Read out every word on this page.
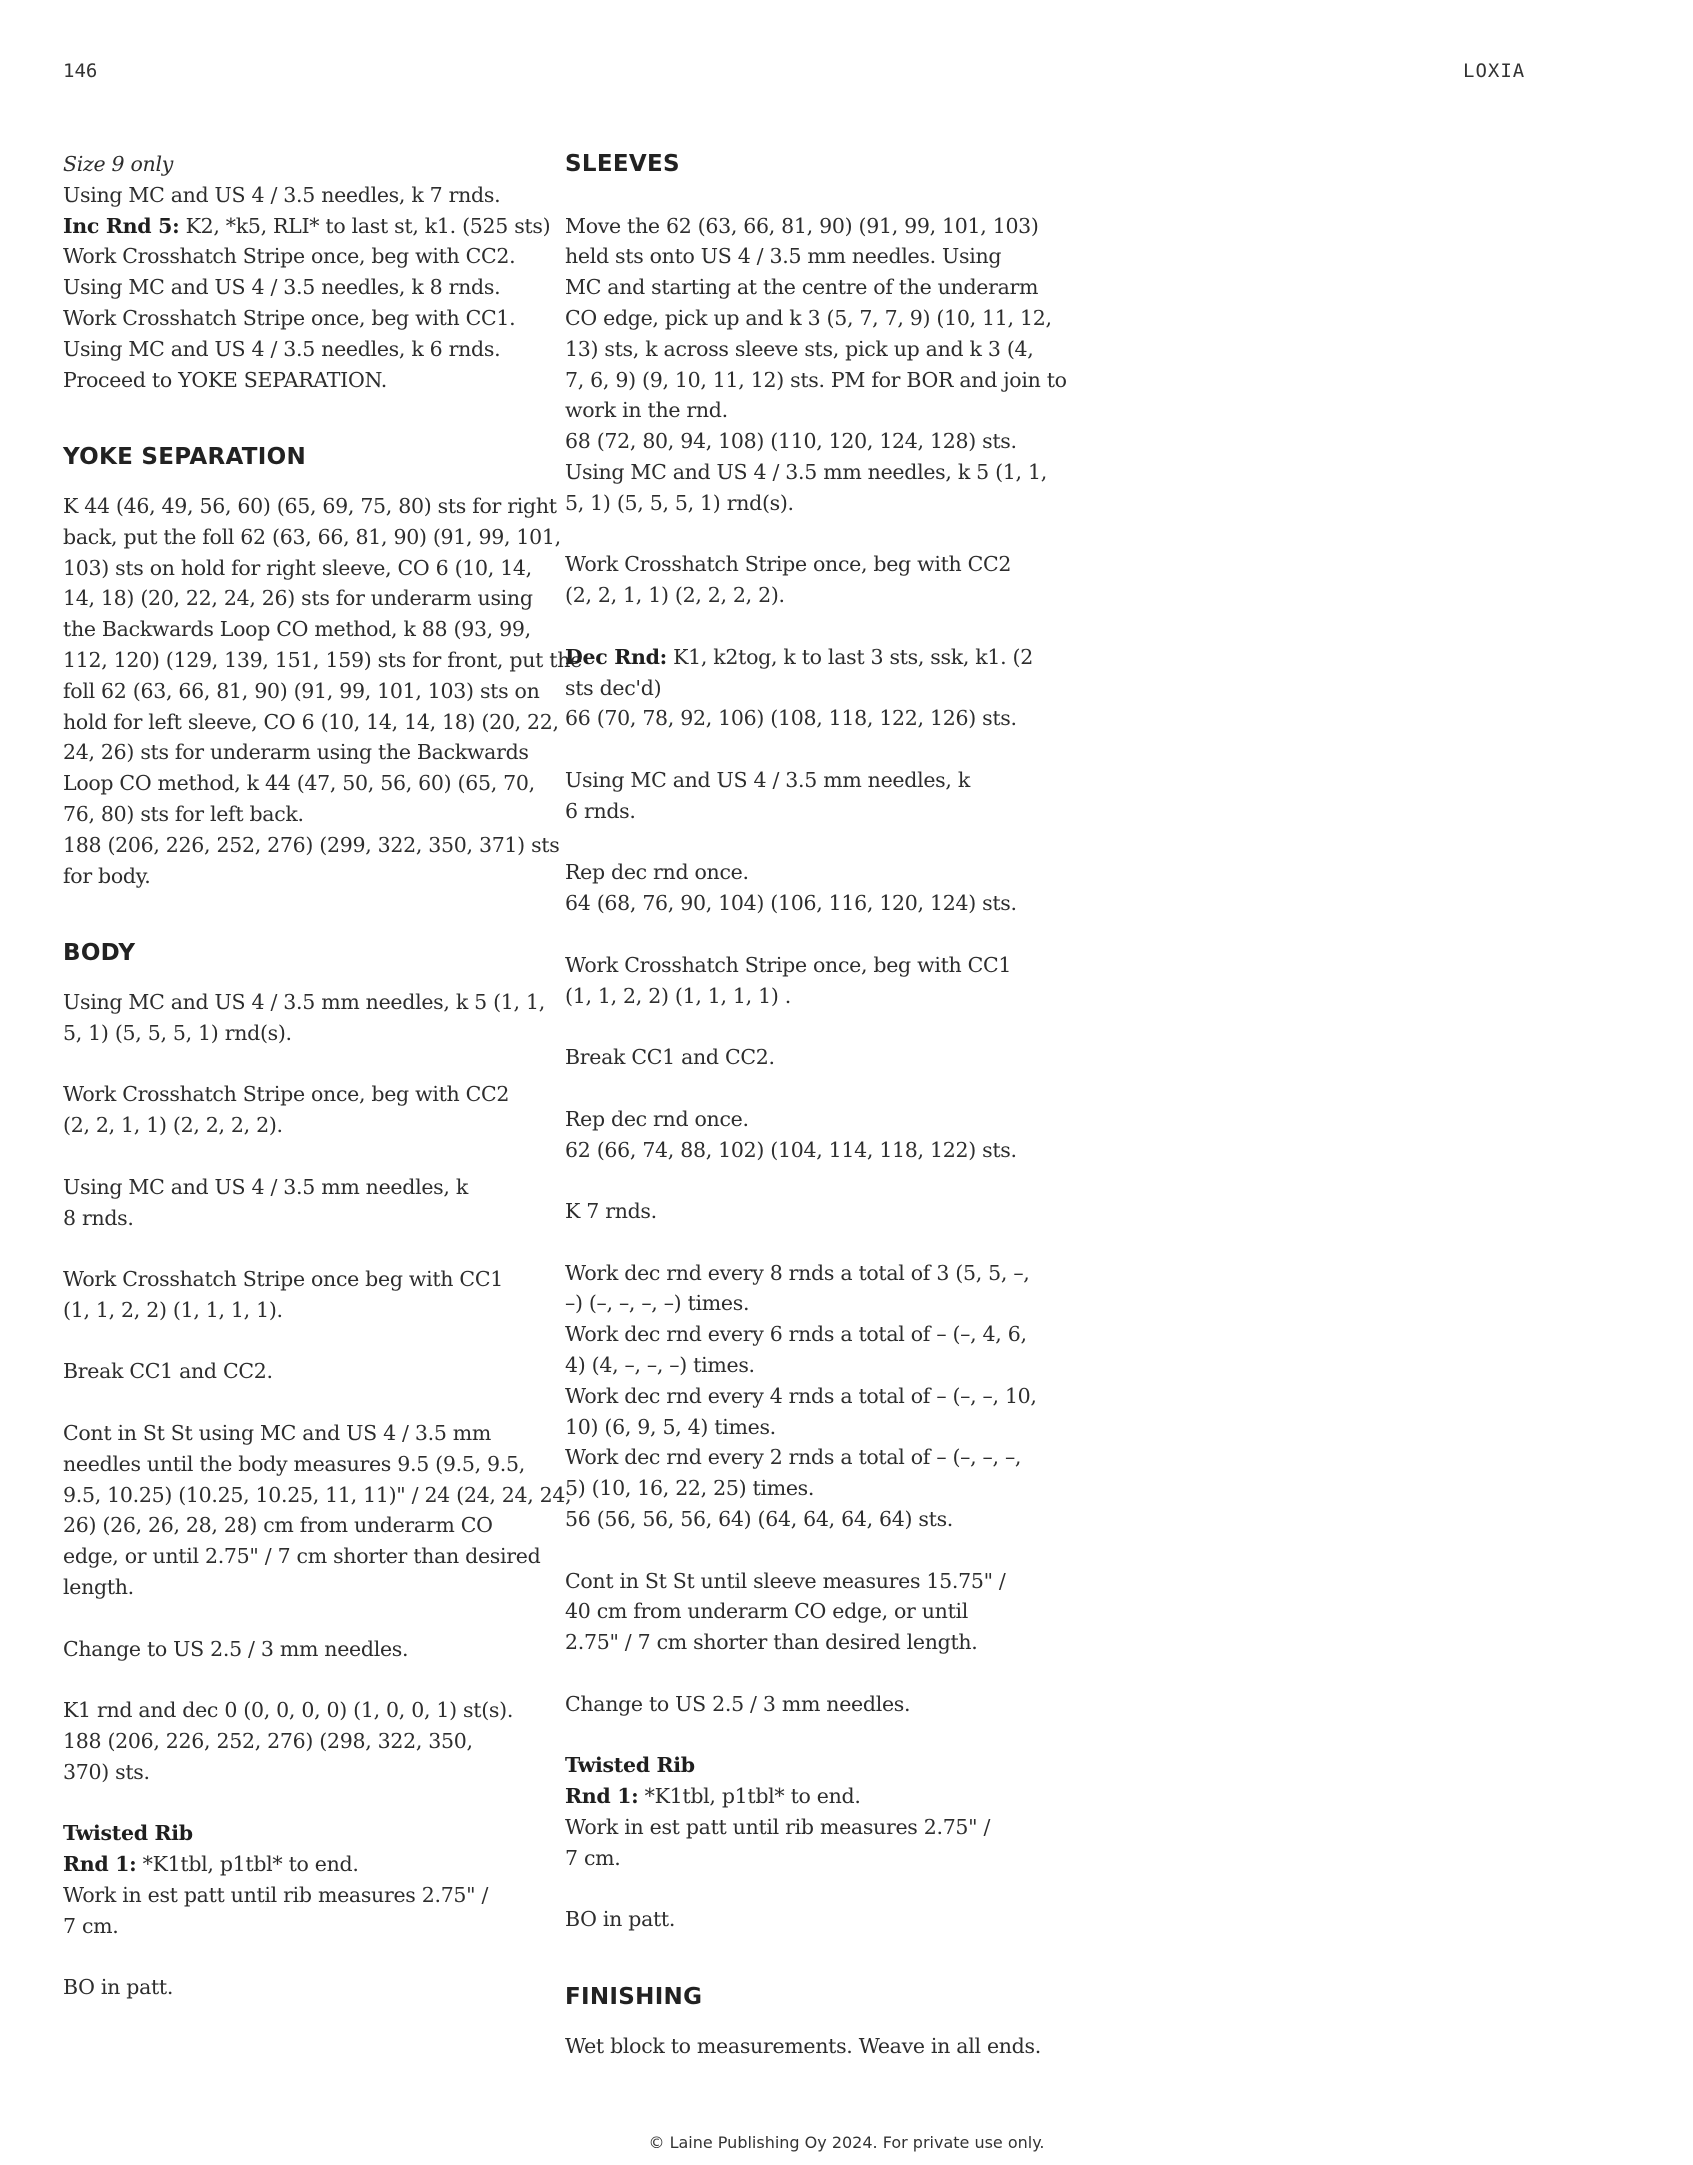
146	LOXIA
Size 9 only
Using MC and US 4 / 3.5 needles, k 7 rnds.
Inc Rnd 5: K2, *k5, RLI* to last st, k1. (525 sts)
Work Crosshatch Stripe once, beg with CC2.
Using MC and US 4 / 3.5 needles, k 8 rnds.
Work Crosshatch Stripe once, beg with CC1.
Using MC and US 4 / 3.5 needles, k 6 rnds.
Proceed to YOKE SEPARATION.
YOKE SEPARATION
K 44 (46, 49, 56, 60) (65, 69, 75, 80) sts for right
back, put the foll 62 (63, 66, 81, 90) (91, 99, 101,
103) sts on hold for right sleeve, CO 6 (10, 14,
14, 18) (20, 22, 24, 26) sts for underarm using
the Backwards Loop CO method, k 88 (93, 99,
112, 120) (129, 139, 151, 159) sts for front, put the
foll 62 (63, 66, 81, 90) (91, 99, 101, 103) sts on
hold for left sleeve, CO 6 (10, 14, 14, 18) (20, 22,
24, 26) sts for underarm using the Backwards
Loop CO method, k 44 (47, 50, 56, 60) (65, 70,
76, 80) sts for left back.
188 (206, 226, 252, 276) (299, 322, 350, 371) sts
for body.
BODY
Using MC and US 4 / 3.5 mm needles, k 5 (1, 1,
5, 1) (5, 5, 5, 1) rnd(s).
Work Crosshatch Stripe once, beg with CC2
(2, 2, 1, 1) (2, 2, 2, 2).
Using MC and US 4 / 3.5 mm needles, k
8 rnds.
Work Crosshatch Stripe once beg with CC1
(1, 1, 2, 2) (1, 1, 1, 1).
Break CC1 and CC2.
Cont in St St using MC and US 4 / 3.5 mm
needles until the body measures 9.5 (9.5, 9.5,
9.5, 10.25) (10.25, 10.25, 11, 11)" / 24 (24, 24, 24,
26) (26, 26, 28, 28) cm from underarm CO
edge, or until 2.75" / 7 cm shorter than desired
length.
Change to US 2.5 / 3 mm needles.
K1 rnd and dec 0 (0, 0, 0, 0) (1, 0, 0, 1) st(s).
188 (206, 226, 252, 276) (298, 322, 350,
370) sts.
Twisted Rib
Rnd 1: *K1tbl, p1tbl* to end.
Work in est patt until rib measures 2.75" /
7 cm.
BO in patt.
SLEEVES
Move the 62 (63, 66, 81, 90) (91, 99, 101, 103)
held sts onto US 4 / 3.5 mm needles. Using
MC and starting at the centre of the underarm
CO edge, pick up and k 3 (5, 7, 7, 9) (10, 11, 12,
13) sts, k across sleeve sts, pick up and k 3 (4,
7, 6, 9) (9, 10, 11, 12) sts. PM for BOR and join to
work in the rnd.
68 (72, 80, 94, 108) (110, 120, 124, 128) sts.
Using MC and US 4 / 3.5 mm needles, k 5 (1, 1,
5, 1) (5, 5, 5, 1) rnd(s).
Work Crosshatch Stripe once, beg with CC2
(2, 2, 1, 1) (2, 2, 2, 2).
Dec Rnd: K1, k2tog, k to last 3 sts, ssk, k1. (2
sts dec'd)
66 (70, 78, 92, 106) (108, 118, 122, 126) sts.
Using MC and US 4 / 3.5 mm needles, k
6 rnds.
Rep dec rnd once.
64 (68, 76, 90, 104) (106, 116, 120, 124) sts.
Work Crosshatch Stripe once, beg with CC1
(1, 1, 2, 2) (1, 1, 1, 1) .
Break CC1 and CC2.
Rep dec rnd once.
62 (66, 74, 88, 102) (104, 114, 118, 122) sts.
K 7 rnds.
Work dec rnd every 8 rnds a total of 3 (5, 5, –,
–) (–, –, –, –) times.
Work dec rnd every 6 rnds a total of – (–, 4, 6,
4) (4, –, –, –) times.
Work dec rnd every 4 rnds a total of – (–, –, 10,
10) (6, 9, 5, 4) times.
Work dec rnd every 2 rnds a total of – (–, –, –,
5) (10, 16, 22, 25) times.
56 (56, 56, 56, 64) (64, 64, 64, 64) sts.
Cont in St St until sleeve measures 15.75" /
40 cm from underarm CO edge, or until
2.75" / 7 cm shorter than desired length.
Change to US 2.5 / 3 mm needles.
Twisted Rib
Rnd 1: *K1tbl, p1tbl* to end.
Work in est patt until rib measures 2.75" /
7 cm.
BO in patt.
FINISHING
Wet block to measurements. Weave in all ends.
© Laine Publishing Oy 2024. For private use only.
